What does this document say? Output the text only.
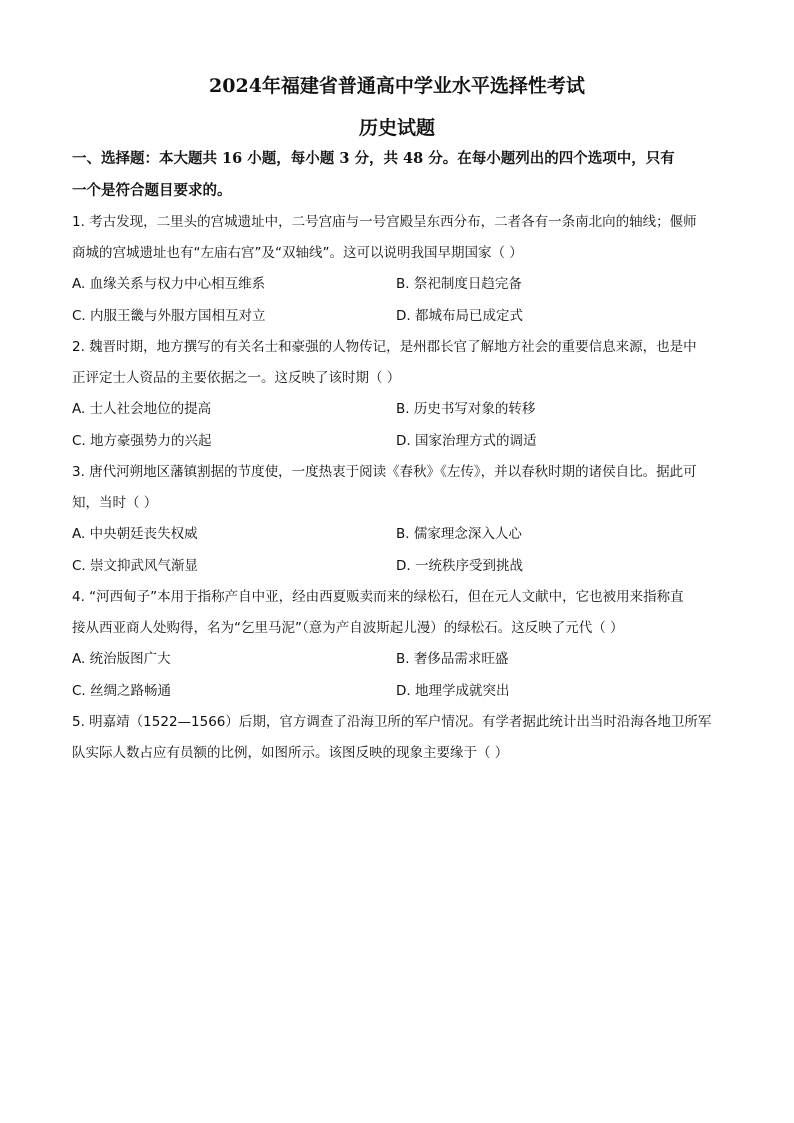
2024年福建省普通高中学业水平选择性考试
历史试题
一、选择题：本大题共 16 小题，每小题 3 分，共 48 分。在每小题列出的四个选项中，只有
一个是符合题目要求的。
1. 考古发现，二里头的宫城遗址中，二号宫庙与一号宫殿呈东西分布，二者各有一条南北向的轴线；偃师
商城的宫城遗址也有“左庙右宫”及“双轴线”。这可以说明我国早期国家（ ）
A. 血缘关系与权力中心相互维系	B. 祭祀制度日趋完备
C. 内服王畿与外服方国相互对立	D. 都城布局已成定式
2. 魏晋时期，地方撰写的有关名士和豪强的人物传记，是州郡长官了解地方社会的重要信息来源，也是中
正评定士人资品的主要依据之一。这反映了该时期（ ）
A. 士人社会地位的提高	B. 历史书写对象的转移
C. 地方豪强势力的兴起	D. 国家治理方式的调适
3. 唐代河朔地区藩镇割据的节度使，一度热衷于阅读《春秋》《左传》，并以春秋时期的诸侯自比。据此可
知，当时（ ）
A. 中央朝廷丧失权威	B. 儒家理念深入人心
C. 崇文抑武风气渐显	D. 一统秩序受到挑战
4. “河西甸子”本用于指称产自中亚，经由西夏贩卖而来的绿松石，但在元人文献中，它也被用来指称直
接从西亚商人处购得，名为“乞里马泥”（意为产自波斯起儿漫）的绿松石。这反映了元代（ ）
A. 统治版图广大	B. 奢侈品需求旺盛
C. 丝绸之路畅通	D. 地理学成就突出
5. 明嘉靖（1522—1566）后期，官方调查了沿海卫所的军户情况。有学者据此统计出当时沿海各地卫所军
队实际人数占应有员额的比例，如图所示。该图反映的现象主要缘于（ ）
